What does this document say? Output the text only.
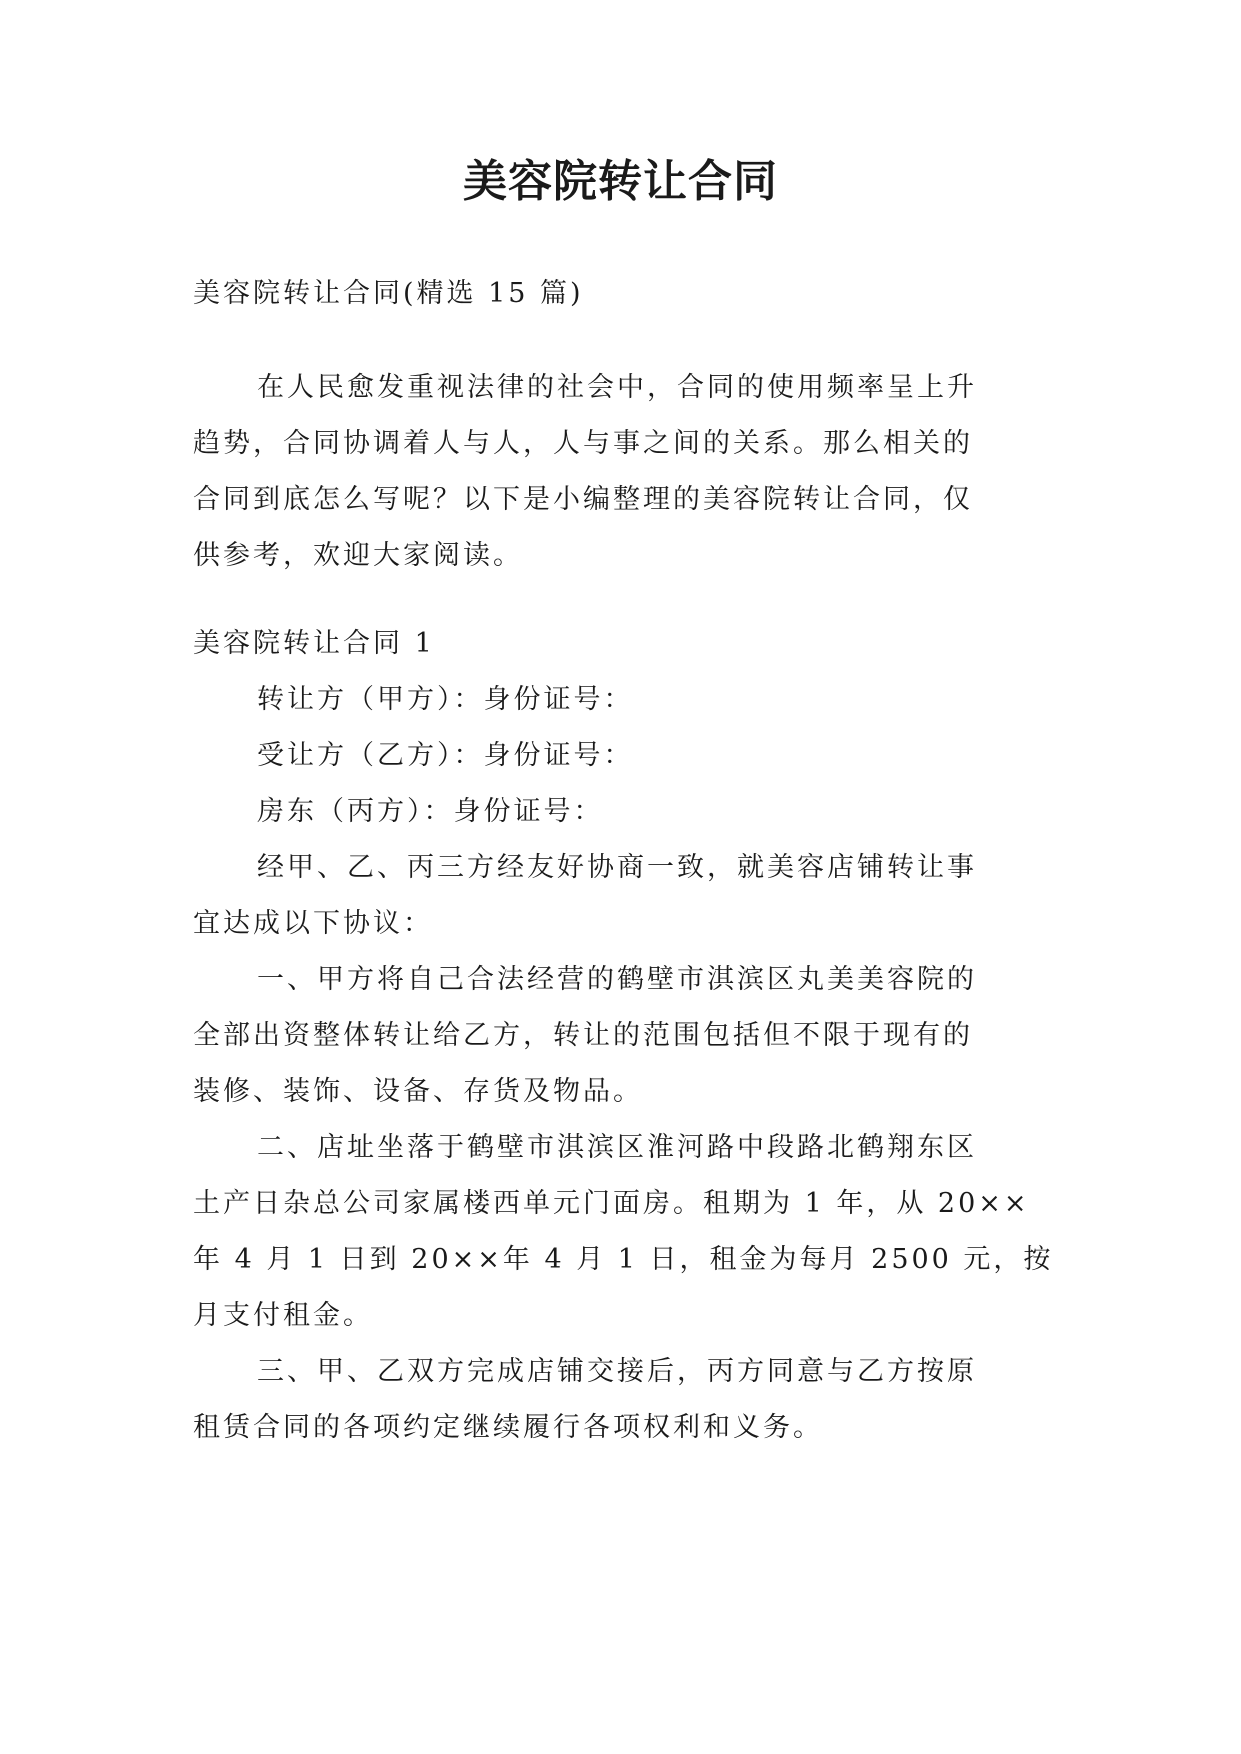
美容院转让合同
美容院转让合同(精选 15 篇)
在人民愈发重视法律的社会中，合同的使用频率呈上升
趋势，合同协调着人与人，人与事之间的关系。那么相关的
合同到底怎么写呢？以下是小编整理的美容院转让合同，仅
供参考，欢迎大家阅读。
美容院转让合同 1
转让方（甲方）：身份证号：
受让方（乙方）：身份证号：
房东（丙方）：身份证号：
经甲、乙、丙三方经友好协商一致，就美容店铺转让事
宜达成以下协议：
一、甲方将自己合法经营的鹤壁市淇滨区丸美美容院的
全部出资整体转让给乙方，转让的范围包括但不限于现有的
装修、装饰、设备、存货及物品。
二、店址坐落于鹤壁市淇滨区淮河路中段路北鹤翔东区
土产日杂总公司家属楼西单元门面房。租期为 1 年，从 20××
年 4 月 1 日到 20××年 4 月 1 日，租金为每月 2500 元，按
月支付租金。
三、甲、乙双方完成店铺交接后，丙方同意与乙方按原
租赁合同的各项约定继续履行各项权利和义务。
